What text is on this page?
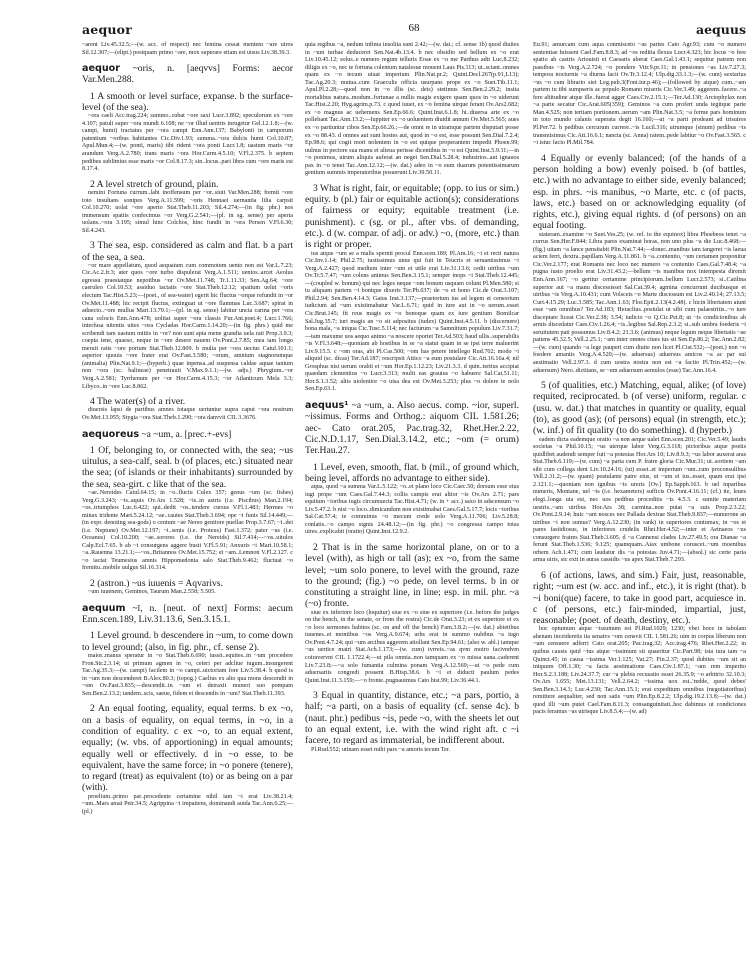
aequor	68	aequus

~arent Liv.45.32.5;—(w. acc. of respect) nec femina cessat mentem ~are uiros Sil.12.307;—(elipt.) postquam primo ~are, mox superare etiam est uisus Liv.38.39.3.

aequor ~oris, n. [aeqvvs] Forms: aecor Var.Men.288.

1 A smooth or level surface, expanse. b the surface-level (of the sea).

~ora caeli Acc.trag.224; summo..cubat ~ore saxi Lucr.3.892; speculorum ex ~ore 4.107; patuli super ~ora mundi 6.108; ne ~or illud uentris inrugetur Gel.12.1.8;—(w. campi, humi) tractatus per ~ora campi Enn.Ann.137; Babylonii in camporum patentium ~oribus habitantes Cic.Div.1.93; summa..~ora dulcis humi Col.10.87; Apul.Mun.4;—(w. ponti, maris) tibi rident ~ora ponti Lucr.1.8; uastum maris ~or arandum Verg.A.2.780; trans maris ~ora Hor.Carm.4.5.10; V.Fl.2.375. b septem pedibus sublimius esse maris ~or Col.8.17.3; sin..locus..pari libra cum ~ore maris est 8.17.4.

2 A level stretch of ground, plain.

nemini Fortuna currum..labi inoffensum per ~or..siuit Var.Men.288; fremit ~ore toto insultans sonipes Verg.A.11.599; ~oris Hennaei uernantia lilia carpsit Col.10.270; uolat ~ore aperto Stat.Theb.11.203; Sil.4.274;—(in fig. phr.) nos immensum spatiis confecimus ~or Verg.G.2.541;—(pl. in sg. sense) per aperta uolans..~ora 3.195; simul hinc Colchos, hinc fundit in ~ora Persen V.Fl.6.30; Sil.4.243.

3 The sea, esp. considered as calm and flat. b a part of the sea, a sea.

~or mare appellatum, quod aequatum cum commotum uento non est Var.L.7.23; Cic.Ac.2.fr.3; ater quos ~ore turbo dispulerat Verg.A.1.511; uentos..arcet Aeolus egressu praestatque nepotibus ~or Ov.Met.11.748; Tr.1.11.33; Sen.Ag.64; ~ore caeruleo Col.10.53; assiduo iactatis ~ore Stat.Theb.12.12; spatium uelut ~oris electum Tac.Hist.5.23;—(poet., of sea-water) egerit hic fluctus ~orque refundit in ~or Ov.Met.11.488; hic recipit fluctus, extinguat ut ~ore flammas Luc.3.687; spirat in aduecto..~ore mullus Mart.13.79.1;—(pl. in sg. sense) labitur uncta carina per ~ora cana celocis Enn.Ann.478; uolitat super ~ora classis Fur.Ant.poet.4; Lucr.1.766; interfusa nitentis uites ~ora Cycladas Hor.Carm.1.14.20;—(in fig. phrs.) quid me scribendi tam uastum mittis in ~or? non sunt apta mene grandia uela rati Prop.3.9.3; coepta tene, quaeso, neque in ~ore desere nauem Ov.Pont.2.7.85; mea iam longo meruit ratis ~ore portum Stat.Theb.12.809. b multa per ~ora uectus Catul.101.1; asperior quouis ~ore frater erat Ov.Fast.3.580; ~orum, amnium stagnorumque (animalia) Plin.Nat.9.1;—(hyperb.) quae inpensa..ad suspensa caldae aquae tantum non ~ora (sc. balineae) penetrauit V.Max.9.1.1;—(w. adjs.) Phrygium..~or Verg.A.2.581; Tyrrhenum per ~or Hor.Carm.4.15.3; ~or Atlanticum Mela 3.3; Libyco..in ~ore Luc.8.862.

4 The water(s) of a river.

diuersis lapsi de partibus amnes totaque uertuntur supra caput ~ora nostrum Ov.Met.13.955; Stygia ~ora Stat.Theb.1.290; ~ora danvvii CIL 3.3676.

aequoreus ~a ~um, a. [prec.+-evs]

1 Of, belonging to, or connected with, the sea; ~us uitulus, a sea-calf, seal. b (of places, etc.) situated near the sea; (of islands or their inhabitants) surrounded by the sea, sea-girt. c like that of the sea.

~ae..Nereides Catul.64.15; in ~o..fluctu Culex 357; genus ~um (sc. fishes) Verg.G.3.243; ~is..aquis Ov.Ars 1.528; ~is..in astris (i.e. Piscibus) Man.2.194; ~os..triumphos Luc.6.422; qui..dedit ~os..tendere cursus V.Fl.1.483; Hermes ~o minax tridente Mart.5.24.12; ~ae..cautes Stat.Theb.3.694; ope ~i funis Sil.14.449;—(in expr. denoting sea-gods) o centum ~ae Nereo genitore puellae Prop.3.7.67; ~i..dei (i.e. Neptune) Ov.Met.12.197; ~i..senis (i.e. Proteus) Fast.1.372; pater ~us (i.e. Oceanus) Col.10.200; ~ae..sorores (i.e. the Nereids) Sil.7.414;—~os..uitulos Calp.Ecl.7.65. b ab ~i consurgens aggere busti V.Fl.5.91; Anxuris ~i Mart.10.58.1; ~a..Rauenna 13.21.1;—~os..Britannos Ov.Met.15.752; et ~am..Lemnon V.Fl.2.127. c ~o iactat Teumesius amnis Hippomedonta salo Stat.Theb.9.462; fluctuat ~o fremitu..mobile uulgus Sil.16.314.

2 (astron.) ~us iuuenis = Aqvarivs.

~um iuuenem, Geminos, Taurum Man.2.558; 5.505.

aequum ~ī, n. [neut. of next] Forms: aecum Enn.scen.189, Liv.31.13.6, Sen.3.15.1.

1 Level ground. b descendere in ~um, to come down to level ground; (also, in fig. phr., cf. sense 2).

maior..manus speratur in ~o Stat.Theb.6.690; iussit..equites..in ~um procedere Fron.Str.2.3.14; ut primum agmen in ~o, ceteri per adcliue iugum..insurgerent Tac.Ag.35.3;—(w. campi) facilem in ~o campi..uictoriam fore Liv.5.38.4. b quod is in ~um non descenderet B.Alex.80.3; (topog.) Caelius ex alto qua mons descendit in ~om Ov.Fast.3.835;—descendit..in ~um et detraxit muneri suo pompam Sen.Ben.2.13.2; tandem..scis, saeue, fidem et descendis in ~um? Stat.Theb.11.393.

2 An equal footing, equality, equal terms. b ex ~o, on a basis of equality, on equal terms, in ~o, in a condition of equality. c ex ~o, to an equal extent, equally; (w. vbs. of apportioning) in equal amounts; equally well or effectively. d in ~o esse, to be equivalent, have the same force; in ~o ponere (tenere), to regard (treat) as equivalent (to) or as being on a par (with).

proelium..primo par..procedente certamine nihil iam ~i erat Liv.38.21.4; ~um..Mars amat Petr.34.5; Agrippina ~i impatiens, dominandi auida Tac.Ann.6.25;—(pl.)

quia regibus ~a, nedum infima insolita sunt 2.42;—(w. dat.; cf. sense 1b) quod diuites in ~um turbae deduceret Sen.Nat.4b.13.4. b nec obsidio sed bellum ex ~o erat Liv.10.45.12; solus..e numero regum telluris Eoae ex ~o me Parthus adit Luc.8.232; diligis ex ~o, nec te fortuna colentum natalesue mouent Laus Pis.113; ut..sciant..omnes quam ex ~o tecum uiuat imperium Plin.Nat.pr.2; Quint.Decl.267(p.91,L13); Tac.Ag.20.3; mutua..cum Graeculis officia usurpans prope ex ~o Suet.Tib.11.1; Apul.Pl.2.28;—quod non in ~o illis (sc. deis) stetimus Sen.Ben.2.29.2; insita mortalibus natura..modum..fortunae a nullis magis exigere quam quos in ~o uiderunt Tac.Hist.2.20; Hyg.agrim.p.73. c quod iuuet, ex ~o femina uirque ferant Ov.Ars2.682; ex ~o magnus ac uehemens Sen.Ep.66.6; Quint.Inst.6.1.8; hi..diuersa arte ex ~o pollebant Tac.Ann.13.2;—Iuppiter ex ~o uoluentem diuidit annum Ov.Met.5.565; aues ex ~o partiuntur cibos Sen.Ep.66.26.;—de omni re in utramque partem disputari posse ex ~o 88.43. d omnes aut sunt hostes aut, quod in ~o est, esse possunt Sen.Dial.7.2.4; Ep.98.6; qui cogit mori nolentem in ~o est quique properantem impedit Phoen.99; uulnus in pectore sua manu et alieua perisse dicentibus in ~o est Quint.Inst.5.9.11;—in ~o ponimus, utrum aliquis auferat an neget Sen.Dial.5.28.4; industrios..aut ignauos pax in ~o tenet Tac.Ann.12.12;—(w. dat.) adeo in ~o eum duarum potentissimarum gentium summis imperatoribus posuerunt Liv.39.50.11.

3 What is right, fair, or equitable; (opp. to ius or sim.) equity. b (pl.) fair or equitable action(s); considerations of fairness or equity; equitable treatment (i.e. punishment). c (sg. or pl., after vbs. of demanding, etc.). d (w. compar. of adj. or adv.) ~o, (more, etc.) than is right or proper.

ius atque ~um se a malis spernit procul Enn.scen.189; Pl.Am.16; ~i et recti natura Cic.Inv.1.14; Phil.2.75; iustissimus unus qui fuit in Teucris et seruantissimus ~i Verg.A.2.427; quod medium inter ~um et utile erat Liv.31.13.6; cedit uiribus ~um Ov.Tr.5.7.47; ~um colens animus Sen.Ben.3.15.1; semper inops ~i Stat.Theb.12.445;—(coupled w. bonum) qui nec leges neque ~om bonum usquam colunt Pl.Men.580; si tu aliquam partem ~i bonique dixeris Ter.Ph.637; de ~o et bono Cic.de Orat.3.107; Phil.2.94; Sen.Ben.4.14.3; Gaius Inst.3.137;—praetorium ius ad legem et censorium iudicium ad ~um existimabatur Var.L.6.71; quid in iure aut in ~o uerum..esset Cic.Brut.145; fit reus magis ex ~o bonoque quam ex iure gentium Bomilcar Sal.Jug.35.7; iuri magis an ~o sit adpositus (iudex) Quint.Inst.4.5.11. b (discernere) bona mala, ~a iniqua Cic.Tusc.5.114; nec facturum ~a Samnitium populum Liv.7.31.7;—tam maxume uos aequo animo ~a noscere oportet Ter.Ad.503; haud ullis..superabilis ~is V.Fl.3.648;—quoniam ab hostibus in se ~a statui quam in se ipsi terre maluerint Liv.9.15.5. c ~om oras, abi Pl.Cas.500; ~om has petere intellego Rud.702; modo ~i aliquid (sc. dicas) Ter.Ad.187; rescripsit Attico ~a eum postulare Cic.Att.16.16a.4; nil Grosphus nisi uerum orabit et ~um Hor.Ep.1.12.23; Liv.21.3.3. d quin..tertius accipiat quaedam clementius ~o Lucr.3.313; multi eas grauius ~o habuere Sal.Cat.51.11; Hor.S.1.3.52; aliis uiolentior ~o uisa dea est Ov.Met.3.253; plus ~o dolere te nolo Sen.Ep.63.1.

aequus¹ ~a ~um, a. Also aecus. comp. ~ior, superl. ~issimus. Forms and Orthog.: aiquom CIL 1.581.26; aec- Cato orat.205, Pac.trag.32, Rhet.Her.2.22, Cic.N.D.1.17, Sen.Dial.3.14.2, etc.; ~om (= orum) Ter.Hau.27.

1 Level, even, smooth, flat. b (mil., of ground which, being level, affords no advantage to either side).

aqua, quod ~a summa Var.L.5.122; ~o..et plano loco Cic.Caec.50; dorsum esse eius iugi prope ~um Caes.Gal.7.44.3; collis campis erat altior ~is Ov.Ars 2.71; pars equitum ~ioribus iugis circumuecta Tac.Hist.4.71; (w. in + acc.) saxo in adscensum ~o Liv.5.47.2. b nisi ~o loco..dimicandum non existimabat Caes.Gal.5.17.7; locis ~ioribus Sal.Cat.57.4; te comminus ~o mecum crede solo Verg.A.11.706; Liv.5.28.8; conlatis..~o campo signis 24.48.12;—(in fig. phr.) ~o congressa campo totas uires..explicabit (oratio) Quint.Inst.12.9.2.

2 That is in the same horizontal plane, on or to a level (with), as high or tall (as); ex ~o, from the same level; ~um solo ponere, to level with the ground, raze to the ground; (fig.) ~o pede, on level terms. b in or constituting a straight line, in line; esp. in mil. phr. ~a (~o) fronte.

siue ex inferiore loco (loquitur) siue ex ~o siue ex superiore (i.e. before the judges on the bench, in the senate, or from the rostra) Cic.de Orat.3.23; et ex superiore et ex ~o loco sermones habitos (sc. on and off the bench) Fam.3.8.2;—(w. dat.) abietibus iuuenes..et montibus ~os Verg.A.9.674; urbs erat in summo nubibus ~a iugo Ov.Pont.4.7.24; qui ~um arcibus aggerem attollant Sen.Ep.94.61; (also w. abl.) iamque ~us uertice matri Stat.Ach.1.173;—(w. cum) tvrreis..~as qvm moiro facivndvm coiravervnt CIL 1.1722.4;—ut pila omnia..non tamquam ex ~o missa uana..caderent Liv.7.23.8;—~a solo fumantia culmina ponam Verg.A.12.569;—ut ~o pede cum aduersariis congredi possent B.Hisp.38.6. b ~i et diducti paulum pedes Quint.Inst.11.3.159;—~o fronte..pugnauimus Cato hist.99; Liv.36.44.1.

3 Equal in quantity, distance, etc.; ~a pars, portio, a half; ~a parti, on a basis of equality (cf. sense 4c). b (naut. phr.) pedibus ~is, pede ~o, with the sheets let out to an equal extent, i.e. with the wind right aft. c ~i facere, to regard as immaterial, be indifferent about.

Pl.Rud.552; utinam esset mihi pars ~a amoris tecum Ter.

Eu.91; amurcam cum aqua conmisceto ~as partes Cato Agr.93; cum ~o numero sententiae fuissent Cael.Fam.8.8.3; ad ~os reditta flexus Lucr.4.323; hic locus ~o fere spatio ab castris Ariouisti et Caesaris aberat Caes.Gal.1.43.1; sequitur patrem non passibus ~is Verg.A.2.724; ~o pondere Vitr.9.pr.11; in pensiones ~as Liv.7.27.3; tempora nocturnis ~a diurna facit Ov.Tr.3.12.4; Ulp.dig.33.1.3;—(w. cum) sextarius ~us ~o cum librario siet Leg.pub.3(Font.iur.p.46);—(followed by atque) cum..~am partem tu tibi sumpseris ac populo Romano miseris Cic.Ver.3.49; aggerem..facere..~a fere altitudine atque ille..fuerat agger Caes.Civ.2.15.1;—Ter.Ad.130; Arctophylax non ~a parte secatur Cic.Arat.605(359); Geminos ~a cum profert unda tegitque parte Man.4.525; non tertiam portionem..uerum ~am Plin.Nat.3.5; ~a ferme pars hominum in toto mundo calanis superata degit 16.160;—ut ~a parti prodeant ad trisuiros Pl.Per.72. b pedibus cercurum currere..~is Lucil.316; utrumque (sinum) pedibus ~is transmisimus Cic.Att.16.6.1; nancta (sc. Anna) ratem..pede labitur ~o Ov.Fast.3.565. c ~i istuc facio Pl.Mil.784.

4 Equally or evenly balanced; (of the hands of a person holding a bow) evenly poised. b (of battles, etc.) with no advantage to either side, evenly balanced; esp. in phrs. ~is manibus, ~o Marte, etc. c (of pacts, laws, etc.) based on or acknowledging equality (of rights, etc.), giving equal rights. d (of persons) on an equal footing.

stateram..examine ~o Suet.Ves.25; (w. ref. to the equinox) libra Phoebeos tenet ~a currus Sen.Her.F.844; Libra pares examinat horas, non uno plus ~a die Luc.8.468;—(fig.) uitam ~a lance pensitabit Plin.Nat.7.44;—donec..manibus iam tangeret ~is laeua aciem ferri, dextra..papillam Verg.A.11.861. b ~a..contentio, ~um certamen proponitur Cic.Ver.2.177; erat Romanis nec loco nec numero ~a contentio Caes.Gal.7.48.4; ~a pugna iusto proelio erat Liv.31.43.2;—bellum ~is manibus nox intempesta diremit Enn.Ann.167; ~o geritur certamine principiorum..bellum Lucr.2.573; si..Catilina superior aut ~a manu discessisset Sal.Cat.39.4; agmina concurrunt ducibusque et uiribus ~is Verg.A.10.431; cum Volsceis ~o Marte discessum est Liv.2.40.14; 27.13.5; Curt.4.15.29; Luc.3.585; Tac.Ann.1.63; Flor.Epit.2.13(4.2.48). c hicin libertatem aiunt esse ~am omnibus? Ter.Ad.183; Heraclius..postulat ut sibi cum palaestritis..~o iure disceptare liceat Cic.Ver.2.38; 3.54; iudicio ~o Q.Cic.Pet.8; ut ~is condicionibus ab armis discedatur Caes.Civ.1.26.4; ~is..legibus Sal.Rep.2.3.2; si..sub umbra foederis ~i seruitutem pati possumus Liv.8.4.2; 21.3.6; (animus) neque legum neque libertatis ~ae patiens 45.32.5; Vell.2.25.1; ~am inter omnes ciues ius sit Sen.Ep.86.2; Tac.Ann.2.82;—(w. cum) quando ~a lege pauperi cum diuite non licet Pl.Cist.532;—(poet.) non ~o foedere amantis Verg.A.4.520;—(w. aduersus) aduersus amicos ~a ac par sui aestimatio Vell.2.97.3. d cum uostra nostra non est ~a factio Pl.Trin.452;—(w. aduersum) Nero..dictitans, se ~um aduersum aemulos (esse) Tac.Ann.16.4.

5 (of qualities, etc.) Matching, equal, alike; (of love) requited, reciprocated. b (of verse) uniform, regular. c (usu. w. dat.) that matches in quantity or quality, equal (to), as good (as); (of persons) equal (in strength, etc.); (w. inf.) of fit quality (to do something). d (hyperb.)

eadem dicta eademque oratio ~a non aeque ualet Enn.scen.201; Cic.Ver.5.49; laudis societas ~a Phil.10.15; ~us uterque labor Verg.G.3.118; pictoribus atque poetis quidlibet audendi semper fuit ~a potestas Hor.Ars 10; Liv.8.9.3; ~us labor auxerat aras Stat.Theb.6.119;—(w. cum) ~a parta cum P. fratre gloria Cic.Mur.31; ut..sortiem ~am sibi cum collega dent Liv.10.24.16; (ut) esset..et imperium ~um..cum proconsulibus Vell.2.31.2;—(w. quam) postulante patre eius, ut ~um ei ius..esset, quam erat ipsi 2.121.1;—quoniam non ignibus ~is ureris [Ov.] Ep.Sapph.163. b uel inparibus numeris, Montane, uel ~is (i.e. hexameters) sufficis Ov.Pont.4.16.11; (cf.) ite, leues elegi..longa uia est, nec uos pedibus proceditis ~is 4.5.3. c sumite materiam uestris..~am uiribus Hor.Ars 38; carmina..non putat ~a suis Prop.2.3.22; Ov.Pont.2.9.14; huic ~am nosces nec Pallada dextrae Stat.Theb.9.837;—numerone an uiribus ~i non sumus? Verg.A.12.230; (in rank) in superiores contumax, in ~os et pares fastidiosus, in inferiores crudelis Rhet.Her.4.52;—inter et Aetnaeos ~us consurgere fratres Stat.Theb.3.605. d ~a Cannensi clades Liv.27.49.5; ora Dianae ~a ferunt Stat.Theb.1.536; 9.125; quamquam..Aiax umbone coruscet..~um moenibus orbem Ach.1.471; cum laudatur dis ~a potestas Juv.4.71;—(absol.) sic certe paria arma uiris, sic exit in auras cassidis ~us apex Stat.Theb.7.293.

6 (of actions, laws, and sim.) Fair, just, reasonable, right; ~um est (w. acc. and inf., etc.), it is right (that). b ~i boni(que) facere, to take in good part, acquiesce in. c (of persons, etc.) fair-minded, impartial, just, reasonable; (poet. of death, destiny, etc.).

hoc optumum atque ~issumum est Pl.Rud.1029; 1230; vbei hoce in tabolam ahenam inceideretis ita senatvs ~om censvit CIL 1.581.26; uim in corpus liberum non ~um censuere adferri Cato orat.205; Pac.trag.32; Acc.trag.476; Rhet.Her.2.22; in quibus causis quid ~ius atque ~issimum sit quaeritur Cic.Part.98; ista iura tam ~a Quinct.45; in causa ~issima Ver.1.125; Vat.27; Fin.2.37; quod dubites ~um sit an iniquum Off.1.30; ~a facta aestimatione Caes.Civ.1.87.1; ~am rem imperito Hor.S.2.3.188; Liv.24.37.7; cur ~a plebis recusatio esset 26.35.9; ~o arbitrio 32.10.3; Ov.Ars 1.655; Met.13.131; Vell.2.64.2; ~issima uox est..'redde, quod debes' Sen.Ben.3.14.3; Luc.4.230; Tac.Ann.15.1; erat expeditum omnibus (negotiatoribus) remittere aequaliter, sed non satis ~um Plin.Ep.8.2.2; Ulp.dig.19.2.13.8;—(w. dat.) quod illi ~um putet Cael.Fam.8.11.3; consanguinitati..hoc dabimus ut condiciones pacis feramus ~as utrisque Liv.8.5.4;—(w. ad)
